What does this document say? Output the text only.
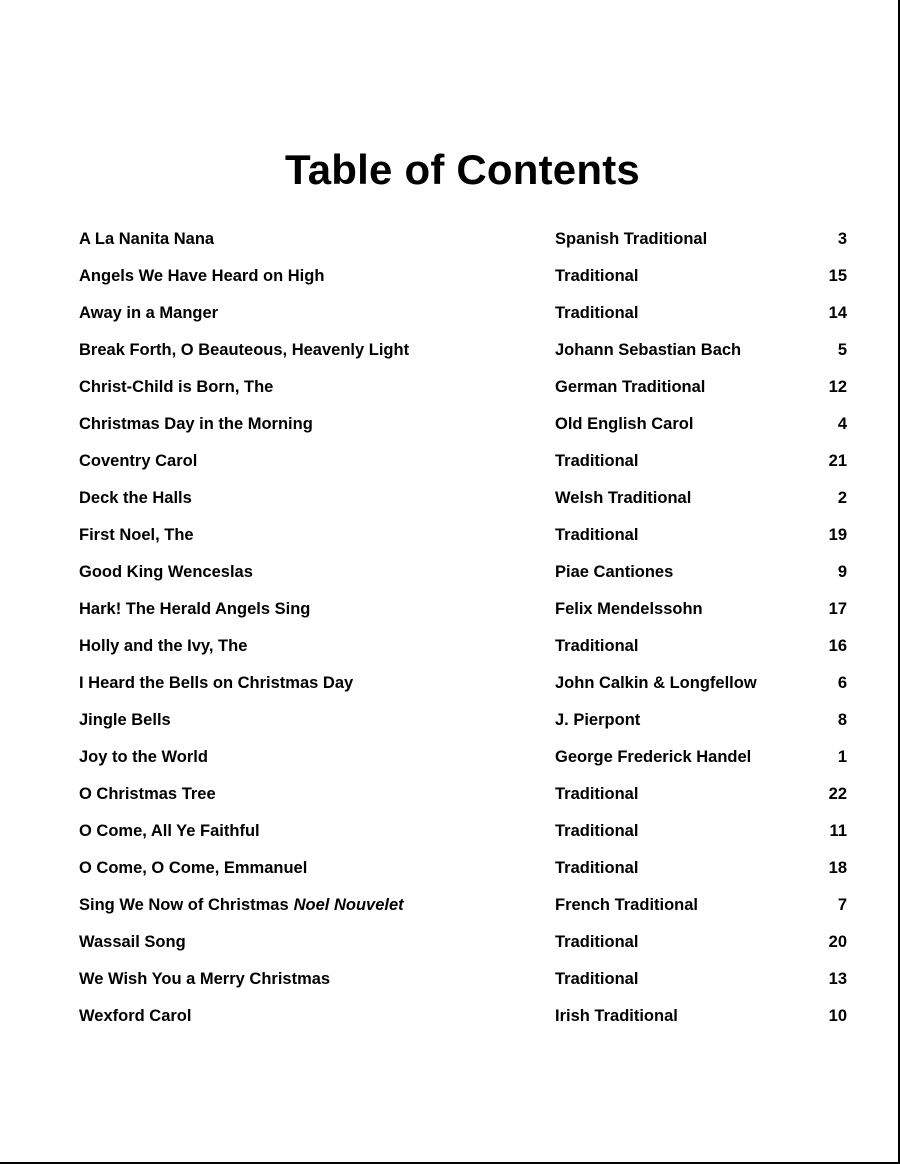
Table of Contents
A La Nanita Nana	Spanish Traditional	3
Angels We Have Heard on High	Traditional	15
Away in a Manger	Traditional	14
Break Forth, O Beauteous, Heavenly Light	Johann Sebastian Bach	5
Christ-Child is Born, The	German Traditional	12
Christmas Day in the Morning	Old English Carol	4
Coventry Carol	Traditional	21
Deck the Halls	Welsh Traditional	2
First Noel, The	Traditional	19
Good King Wenceslas	Piae Cantiones	9
Hark! The Herald Angels Sing	Felix Mendelssohn	17
Holly and the Ivy, The	Traditional	16
I Heard the Bells on Christmas Day	John Calkin & Longfellow	6
Jingle Bells	J. Pierpont	8
Joy to the World	George Frederick Handel	1
O Christmas Tree	Traditional	22
O Come, All Ye Faithful	Traditional	11
O Come, O Come, Emmanuel	Traditional	18
Sing We Now of Christmas Noel Nouvelet	French Traditional	7
Wassail Song	Traditional	20
We Wish You a Merry Christmas	Traditional	13
Wexford Carol	Irish Traditional	10
